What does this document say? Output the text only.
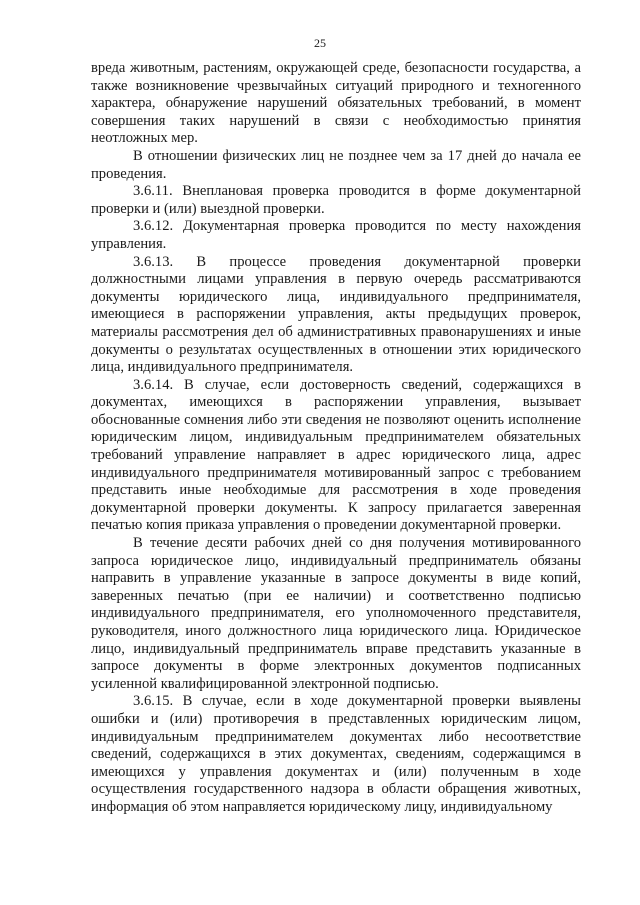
25

вреда животным, растениям, окружающей среде, безопасности государства, а также возникновение чрезвычайных ситуаций природного и техногенного характера, обнаружение нарушений обязательных требований, в момент совершения таких нарушений в связи с необходимостью принятия неотложных мер.

В отношении физических лиц не позднее чем за 17 дней до начала ее проведения.

3.6.11. Внеплановая проверка проводится в форме документарной проверки и (или) выездной проверки.

3.6.12. Документарная проверка проводится по месту нахождения управления.

3.6.13. В процессе проведения документарной проверки должностными лицами управления в первую очередь рассматриваются документы юридического лица, индивидуального предпринимателя, имеющиеся в распоряжении управления, акты предыдущих проверок, материалы рассмотрения дел об административных правонарушениях и иные документы о результатах осуществленных в отношении этих юридического лица, индивидуального предпринимателя.

3.6.14. В случае, если достоверность сведений, содержащихся в документах, имеющихся в распоряжении управления, вызывает обоснованные сомнения либо эти сведения не позволяют оценить исполнение юридическим лицом, индивидуальным предпринимателем обязательных требований управление направляет в адрес юридического лица, адрес индивидуального предпринимателя мотивированный запрос с требованием представить иные необходимые для рассмотрения в ходе проведения документарной проверки документы. К запросу прилагается заверенная печатью копия приказа управления о проведении документарной проверки.

В течение десяти рабочих дней со дня получения мотивированного запроса юридическое лицо, индивидуальный предприниматель обязаны направить в управление указанные в запросе документы в виде копий, заверенных печатью (при ее наличии) и соответственно подписью индивидуального предпринимателя, его уполномоченного представителя, руководителя, иного должностного лица юридического лица. Юридическое лицо, индивидуальный предприниматель вправе представить указанные в запросе документы в форме электронных документов подписанных усиленной квалифицированной электронной подписью.

3.6.15. В случае, если в ходе документарной проверки выявлены ошибки и (или) противоречия в представленных юридическим лицом, индивидуальным предпринимателем документах либо несоответствие сведений, содержащихся в этих документах, сведениям, содержащимся в имеющихся у управления документах и (или) полученным в ходе осуществления государственного надзора в области обращения животных, информация об этом направляется юридическому лицу, индивидуальному
